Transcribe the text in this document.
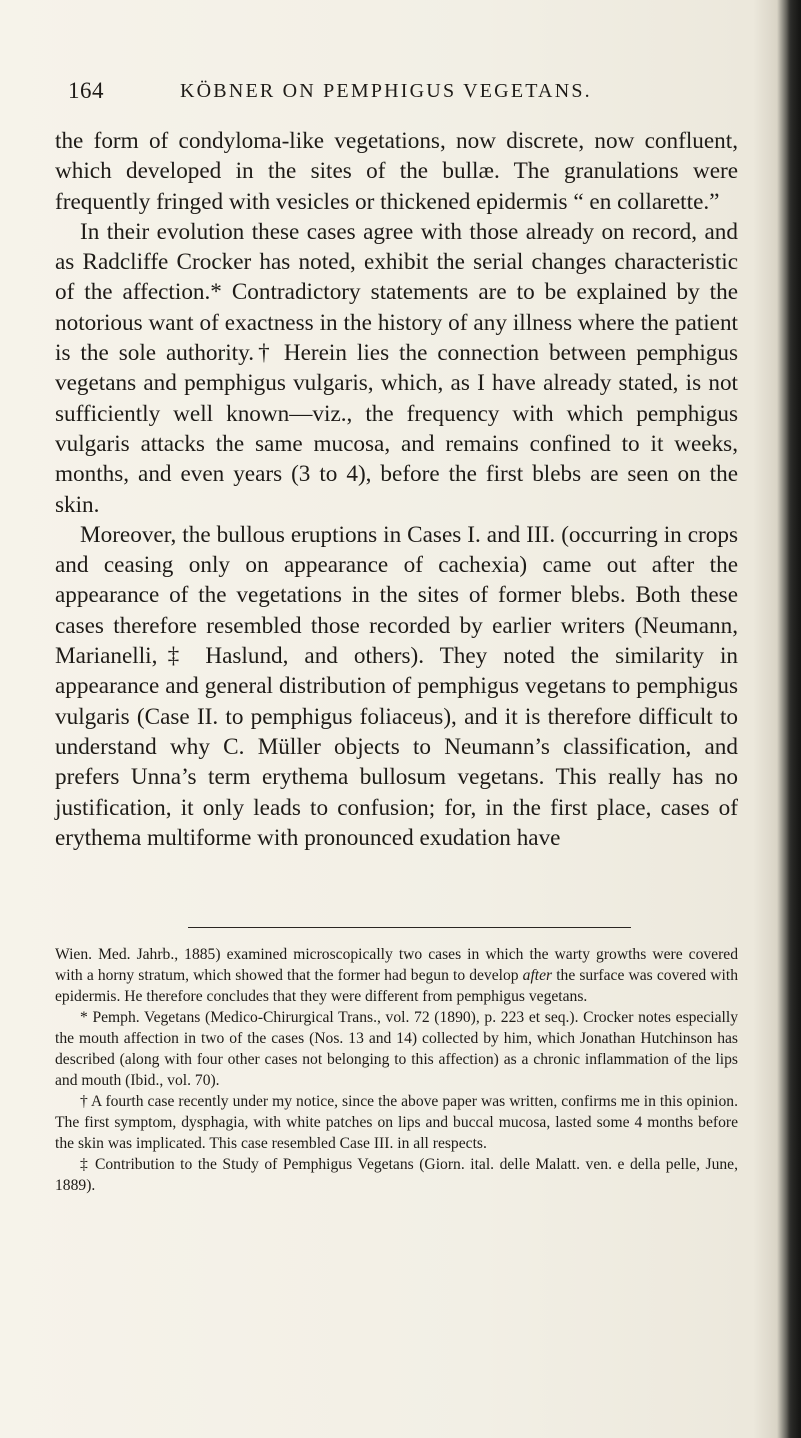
164	KÖBNER ON PEMPHIGUS VEGETANS.

the form of condyloma-like vegetations, now discrete, now confluent, which developed in the sites of the bullæ. The granulations were frequently fringed with vesicles or thickened epidermis “ en collarette.”

In their evolution these cases agree with those already on record, and as Radcliffe Crocker has noted, exhibit the serial changes characteristic of the affection.* Contradictory statements are to be explained by the notorious want of exactness in the history of any illness where the patient is the sole authority.† Herein lies the connection between pemphigus vegetans and pemphigus vulgaris, which, as I have already stated, is not sufficiently well known—viz., the frequency with which pemphigus vulgaris attacks the same mucosa, and remains confined to it weeks, months, and even years (3 to 4), before the first blebs are seen on the skin.

Moreover, the bullous eruptions in Cases I. and III. (occurring in crops and ceasing only on appearance of cachexia) came out after the appearance of the vegetations in the sites of former blebs. Both these cases therefore resembled those recorded by earlier writers (Neumann, Marianelli,‡ Haslund, and others). They noted the similarity in appearance and general distribution of pemphigus vegetans to pemphigus vulgaris (Case II. to pemphigus foliaceus), and it is therefore difficult to understand why C. Müller objects to Neumann’s classification, and prefers Unna’s term erythema bullosum vegetans. This really has no justification, it only leads to confusion; for, in the first place, cases of erythema multiforme with pronounced exudation have

Wien. Med. Jahrb., 1885) examined microscopically two cases in which the warty growths were covered with a horny stratum, which showed that the former had begun to develop after the surface was covered with epidermis. He therefore concludes that they were different from pemphigus vegetans.

* Pemph. Vegetans (Medico-Chirurgical Trans., vol. 72 (1890), p. 223 et seq.). Crocker notes especially the mouth affection in two of the cases (Nos. 13 and 14) collected by him, which Jonathan Hutchinson has described (along with four other cases not belonging to this affection) as a chronic inflammation of the lips and mouth (Ibid., vol. 70).

† A fourth case recently under my notice, since the above paper was written, confirms me in this opinion. The first symptom, dysphagia, with white patches on lips and buccal mucosa, lasted some 4 months before the skin was implicated. This case resembled Case III. in all respects.

‡ Contribution to the Study of Pemphigus Vegetans (Giorn. ital. delle Malatt. ven. e della pelle, June, 1889).
